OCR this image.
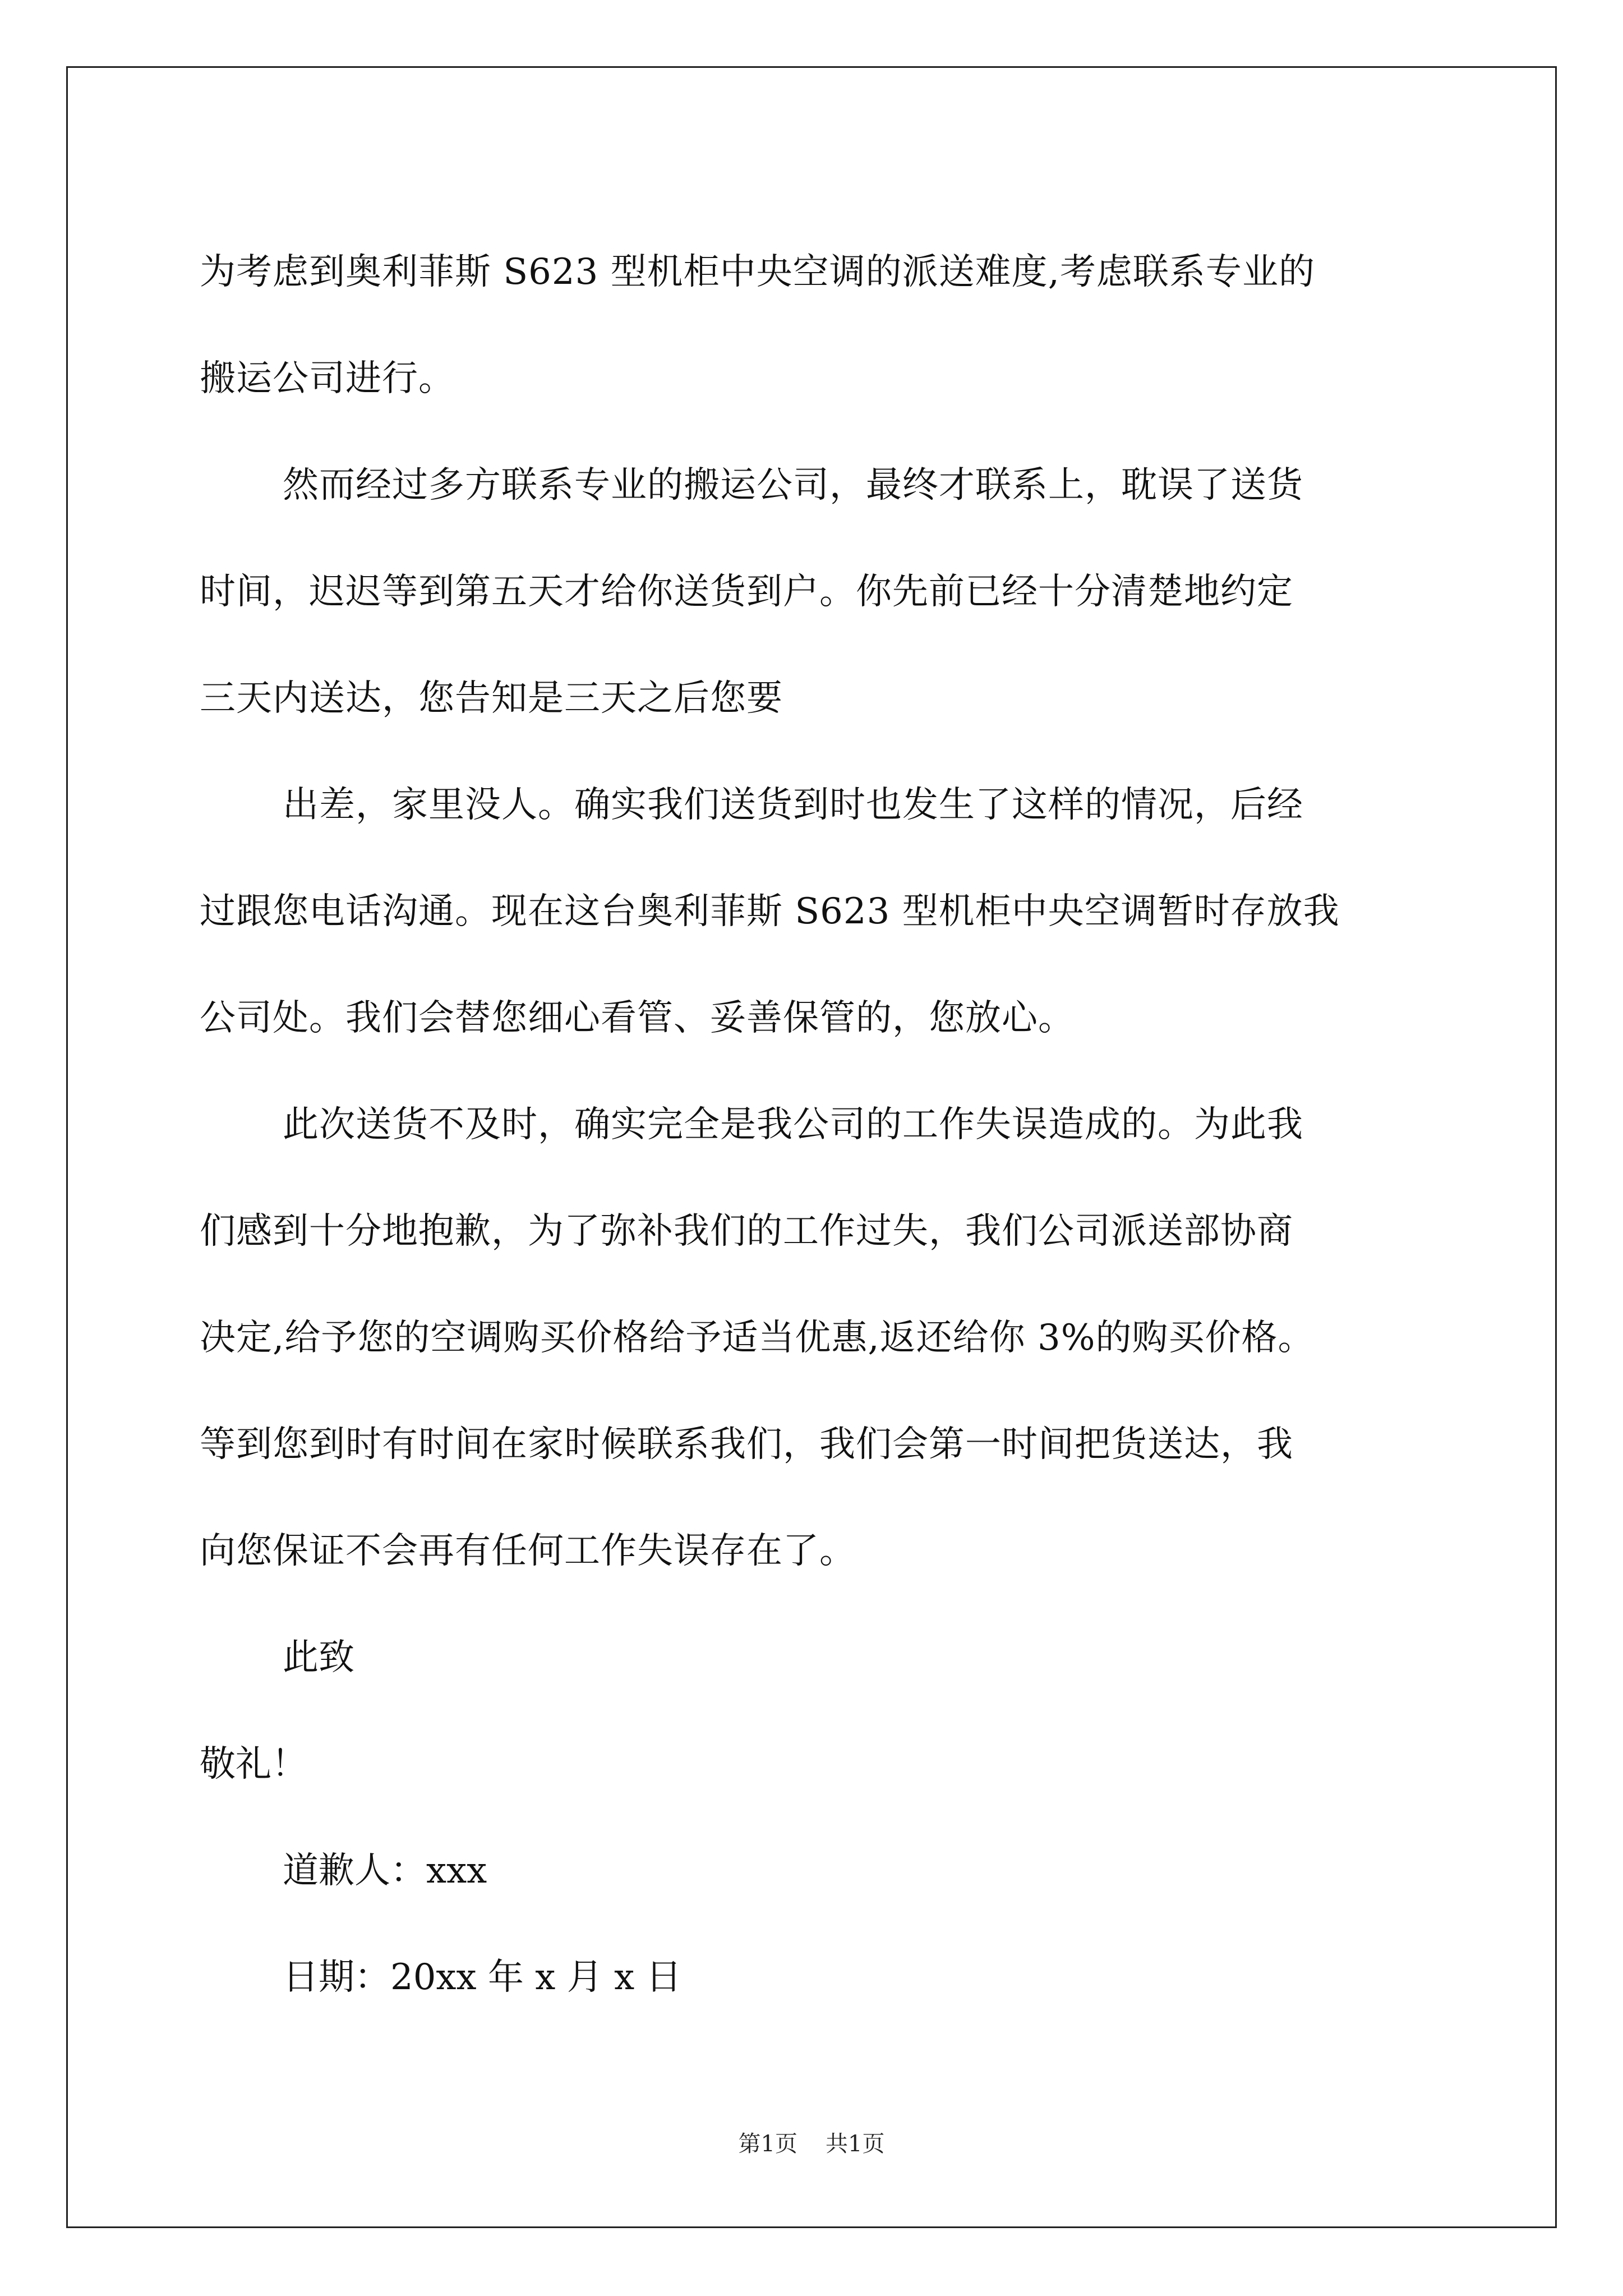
为考虑到奥利菲斯 S623 型机柜中央空调的派送难度,考虑联系专业的
搬运公司进行。
然而经过多方联系专业的搬运公司，最终才联系上，耽误了送货
时间，迟迟等到第五天才给你送货到户。你先前已经十分清楚地约定
三天内送达，您告知是三天之后您要
出差，家里没人。确实我们送货到时也发生了这样的情况，后经
过跟您电话沟通。现在这台奥利菲斯 S623 型机柜中央空调暂时存放我
公司处。我们会替您细心看管、妥善保管的，您放心。
此次送货不及时，确实完全是我公司的工作失误造成的。为此我
们感到十分地抱歉，为了弥补我们的工作过失，我们公司派送部协商
决定,给予您的空调购买价格给予适当优惠,返还给你 3%的购买价格。
等到您到时有时间在家时候联系我们，我们会第一时间把货送达，我
向您保证不会再有任何工作失误存在了。

此致

敬礼！

道歉人：xxx

日期：20xx 年 x 月 x 日

第1页 共1页
